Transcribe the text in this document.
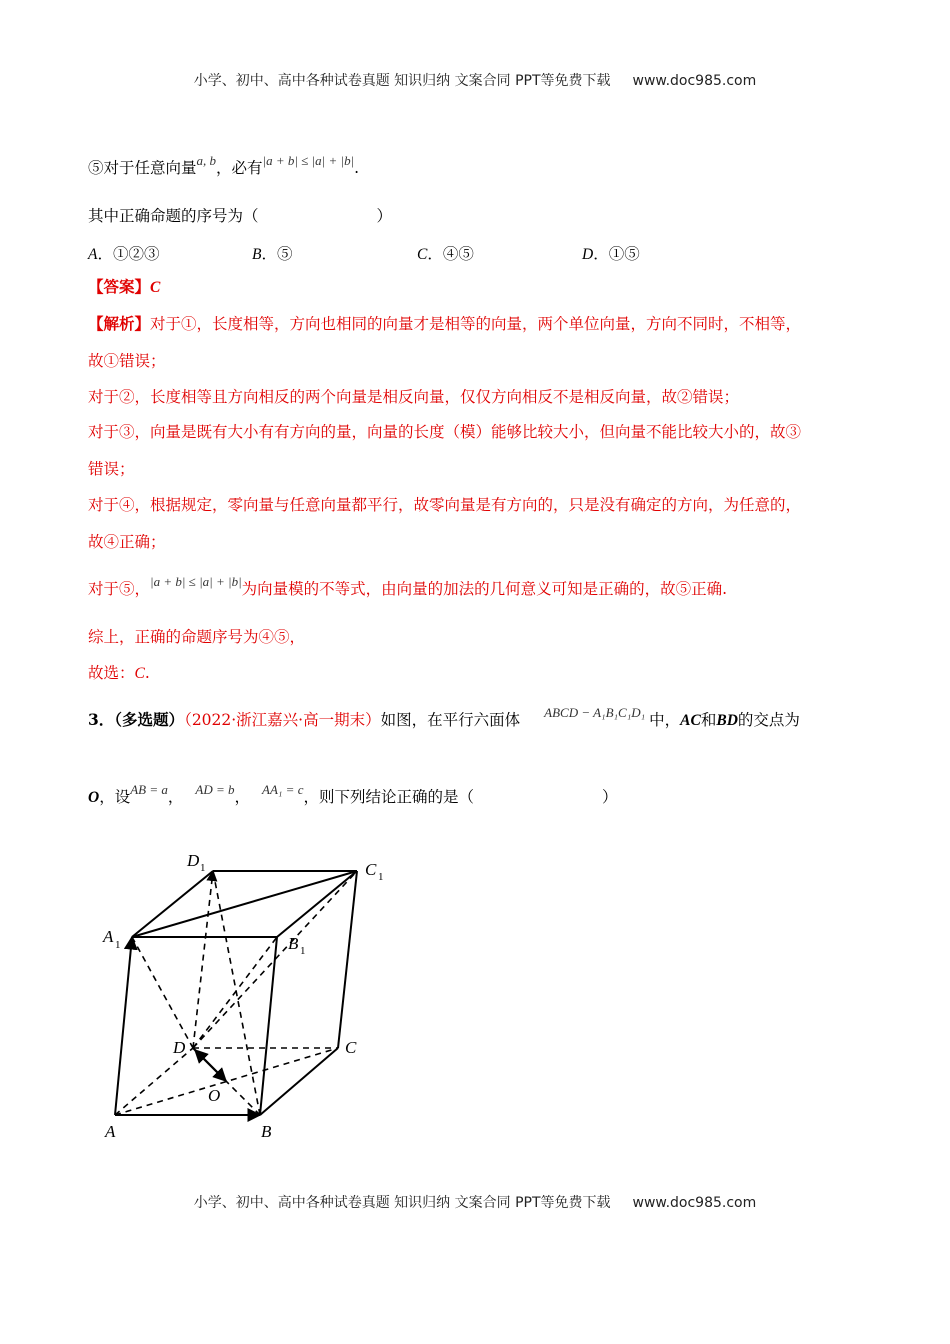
小学、初中、高中各种试卷真题 知识归纳 文案合同 PPT等免费下载 www.doc985.com
⑤对于任意向量$^{a, b}$，必有$^{|a + b| \le |a| + |b|}$.
其中正确命题的序号为（	）
A．①②③	B．⑤	C．④⑤	D．①⑤
【答案】C
【解析】对于①，长度相等，方向也相同的向量才是相等的向量，两个单位向量，方向不同时，不相等，
故①错误；
对于②，长度相等且方向相反的两个向量是相反向量，仅仅方向相反不是相反向量，故②错误；
对于③，向量是既有大小有有方向的量，向量的长度（模）能够比较大小，但向量不能比较大小的，故③
错误；
对于④，根据规定，零向量与任意向量都平行，故零向量是有方向的，只是没有确定的方向，为任意的，
故④正确；
对于⑤，$^{|a + b| \le |a| + |b|}$为向量模的不等式，由向量的加法的几何意义可知是正确的，故⑤正确.
综上，正确的命题序号为④⑤，
故选：C.
3．（多选题）（2022·浙江嘉兴·高一期末）如图，在平行六面体 $^{ABCD - A_1B_1C_1D_1}$ 中，AC和BD的交点为
O，设$^{AB = a}$， $^{AD = b}$， $^{AA_1 = c}$，则下列结论正确的是（	）
A	B
C
D
O
A 1	B 1
C 1
D 1
小学、初中、高中各种试卷真题 知识归纳 文案合同 PPT等免费下载 www.doc985.com
